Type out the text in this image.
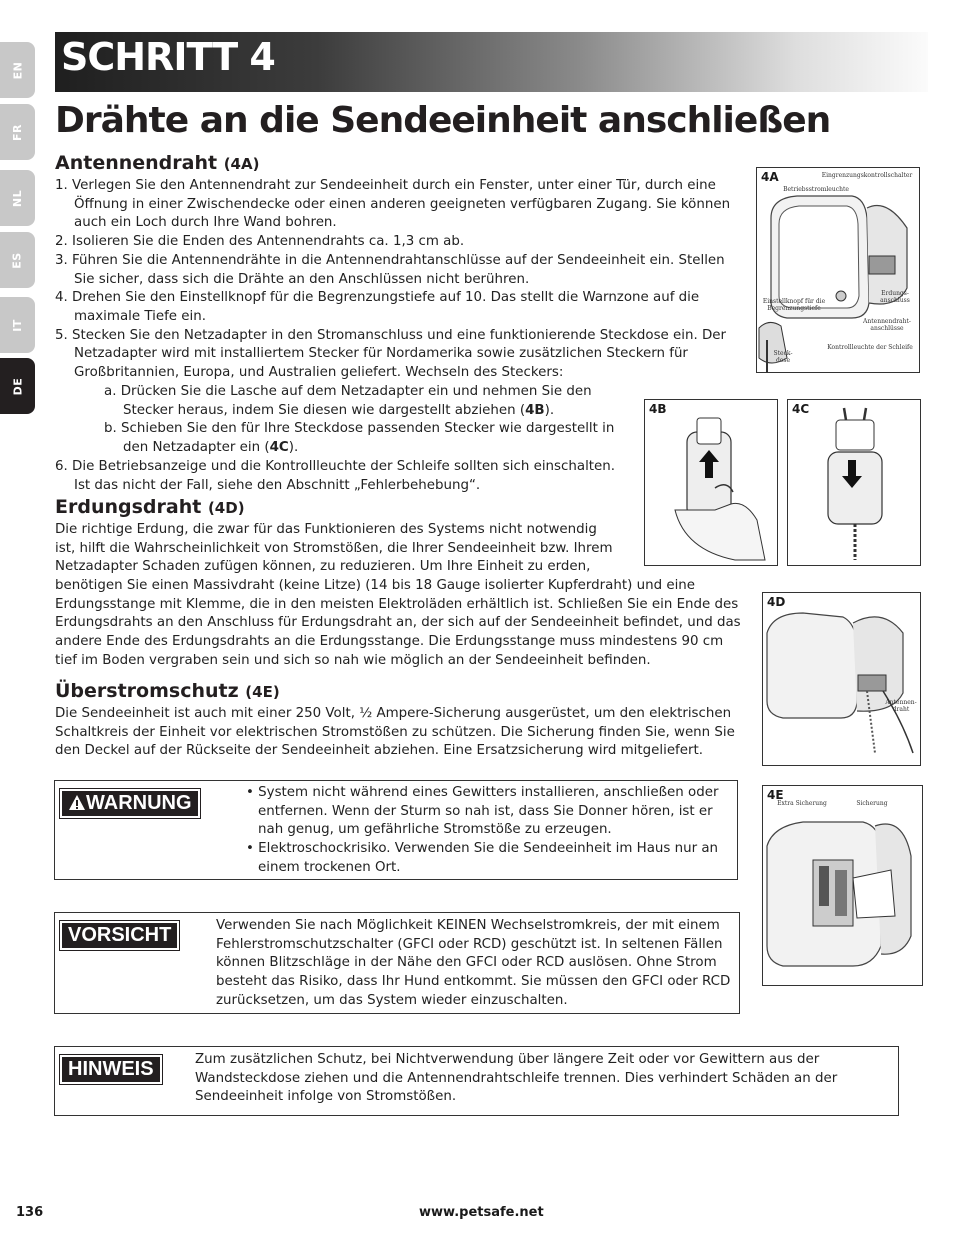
EN
FR
NL
ES
IT
DE
SCHRITT 4
Drähte an die Sendeeinheit anschließen
Antennendraht (4A)

1. Verlegen Sie den Antennendraht zur Sendeeinheit durch ein Fenster, unter einer Tür, durch eine Öffnung in einer Zwischendecke oder einen anderen geeigneten verfügbaren Zugang. Sie können auch ein Loch durch Ihre Wand bohren.

2. Isolieren Sie die Enden des Antennendrahts ca. 1,3 cm ab.

3. Führen Sie die Antennendrähte in die Antennendrahtanschlüsse auf der Sendeeinheit ein. Stellen Sie sicher, dass sich die Drähte an den Anschlüssen nicht berühren.

4. Drehen Sie den Einstellknopf für die Begrenzungstiefe auf 10. Das stellt die Warnzone auf die maximale Tiefe ein.

5. Stecken Sie den Netzadapter in den Stromanschluss und eine funktionierende Steckdose ein. Der Netzadapter wird mit installiertem Stecker für Nordamerika sowie zusätzlichen Steckern für Großbritannien, Europa, und Australien geliefert. Wechseln des Steckers:

a. Drücken Sie die Lasche auf dem Netzadapter ein und nehmen Sie den Stecker heraus, indem Sie diesen wie dargestellt abziehen (4B).

b. Schieben Sie den für Ihre Steckdose passenden Stecker wie dargestellt in den Netzadapter ein (4C).

6. Die Betriebsanzeige und die Kontrollleuchte der Schleife sollten sich einschalten. Ist das nicht der Fall, siehe den Abschnitt „Fehlerbehebung“.

Erdungsdraht (4D)
Die richtige Erdung, die zwar für das Funktionieren des Systems nicht notwendig ist, hilft die Wahrscheinlichkeit von Stromstößen, die Ihrer Sendeeinheit bzw. Ihrem Netzadapter Schaden zufügen können, zu reduzieren. Um Ihre Einheit zu erden,
benötigen Sie einen Massivdraht (keine Litze) (14 bis 18 Gauge isolierter Kupferdraht) und eine Erdungsstange mit Klemme, die in den meisten Elektroläden erhältlich ist. Schließen Sie ein Ende des Erdungsdrahts an den Anschluss für Erdungsdraht an, der sich auf der Sendeeinheit befindet, und das andere Ende des Erdungsdrahts an die Erdungsstange. Die Erdungsstange muss mindestens 90 cm tief im Boden vergraben sein und sich so nah wie möglich an der Sendeeinheit befinden.
Überstromschutz (4E)
Die Sendeeinheit ist auch mit einer 250 Volt, ½ Ampere-Sicherung ausgerüstet, um den elektrischen Schaltkreis der Einheit vor elektrischen Stromstößen zu schützen. Die Sicherung finden Sie, wenn Sie den Deckel auf der Rückseite der Sendeeinheit abziehen. Eine Ersatzsicherung wird mitgeliefert.
4A	Eingrenzungskontrollschalter
Betriebsstromleuchte
Einstellknopf für die Begrenzungstiefe
Erdungs-anschluss
Antennendraht-anschlüsse
Kontrollleuchte der Schleife
Steck-dose
4B	4C
4D
Antennen-draht
4E
Extra Sicherung	Sicherung
WARNUNG	• System nicht während eines Gewitters installieren, anschließen oder entfernen. Wenn der Sturm so nah ist, dass Sie Donner hören, ist er nah genug, um gefährliche Stromstöße zu erzeugen.

• Elektroschockrisiko. Verwenden Sie die Sendeeinheit im Haus nur an einem trockenen Ort.

VORSICHT	Verwenden Sie nach Möglichkeit KEINEN Wechselstromkreis, der mit einem Fehlerstromschutzschalter (GFCI oder RCD) geschützt ist. In seltenen Fällen können Blitzschläge in der Nähe den GFCI oder RCD auslösen. Ohne Strom besteht das Risiko, dass Ihr Hund entkommt. Sie müssen den GFCI oder RCD zurücksetzen, um das System wieder einzuschalten.
HINWEIS	Zum zusätzlichen Schutz, bei Nichtverwendung über längere Zeit oder vor Gewittern aus der Wandsteckdose ziehen und die Antennendrahtschleife trennen. Dies verhindert Schäden an der Sendeeinheit infolge von Stromstößen.
136	www.petsafe.net
